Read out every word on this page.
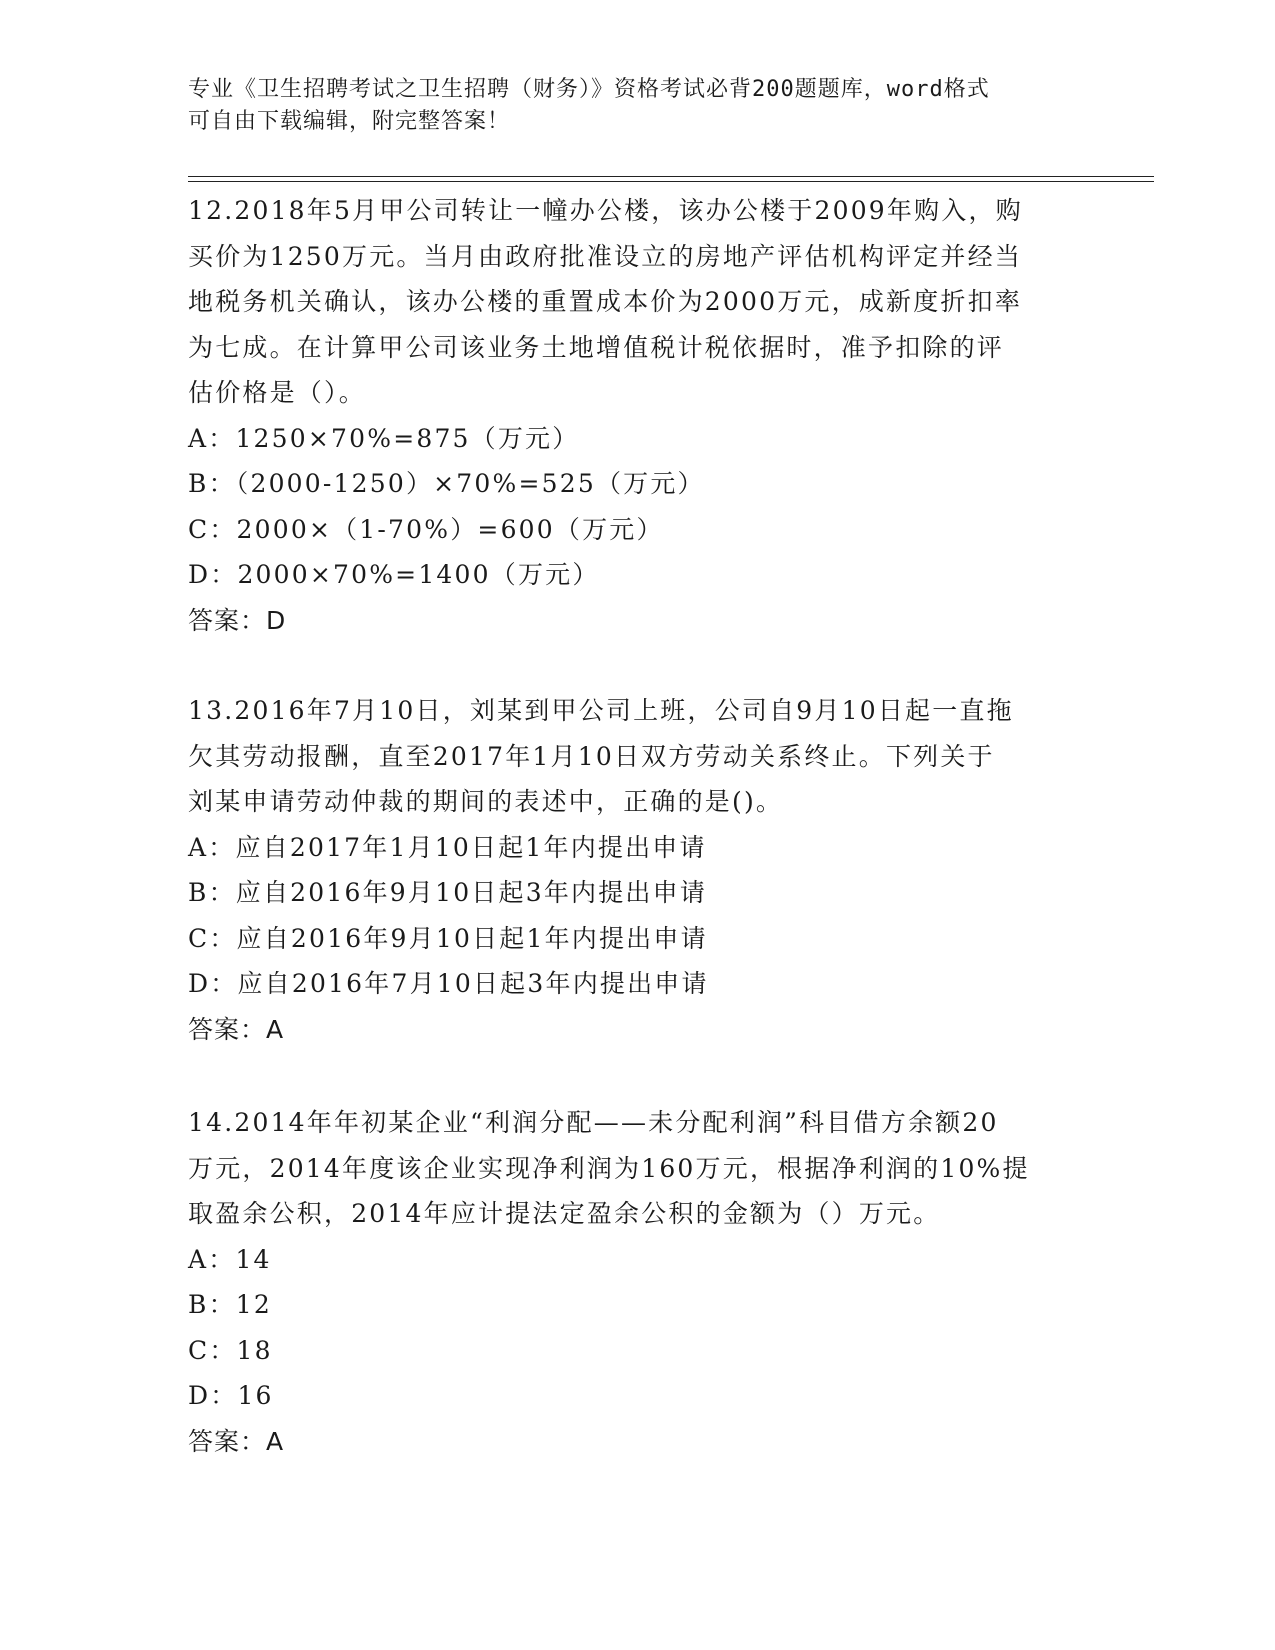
专业《卫生招聘考试之卫生招聘（财务）》资格考试必背200题题库，word格式
可自由下载编辑，附完整答案！
12.2018年5月甲公司转让一幢办公楼，该办公楼于2009年购入，购
买价为1250万元。当月由政府批准设立的房地产评估机构评定并经当
地税务机关确认，该办公楼的重置成本价为2000万元，成新度折扣率
为七成。在计算甲公司该业务土地增值税计税依据时，准予扣除的评
估价格是（）。
A：1250×70%=875（万元）
B：（2000-1250）×70%=525（万元）
C：2000×（1-70%）=600（万元）
D：2000×70%=1400（万元）
答案：D
13.2016年7月10日，刘某到甲公司上班，公司自9月10日起一直拖
欠其劳动报酬，直至2017年1月10日双方劳动关系终止。下列关于
刘某申请劳动仲裁的期间的表述中，正确的是()。
A：应自2017年1月10日起1年内提出申请
B：应自2016年9月10日起3年内提出申请
C：应自2016年9月10日起1年内提出申请
D：应自2016年7月10日起3年内提出申请
答案：A
14.2014年年初某企业“利润分配——未分配利润”科目借方余额20
万元，2014年度该企业实现净利润为160万元，根据净利润的10%提
取盈余公积，2014年应计提法定盈余公积的金额为（）万元。
A：14
B：12
C：18
D：16
答案：A
